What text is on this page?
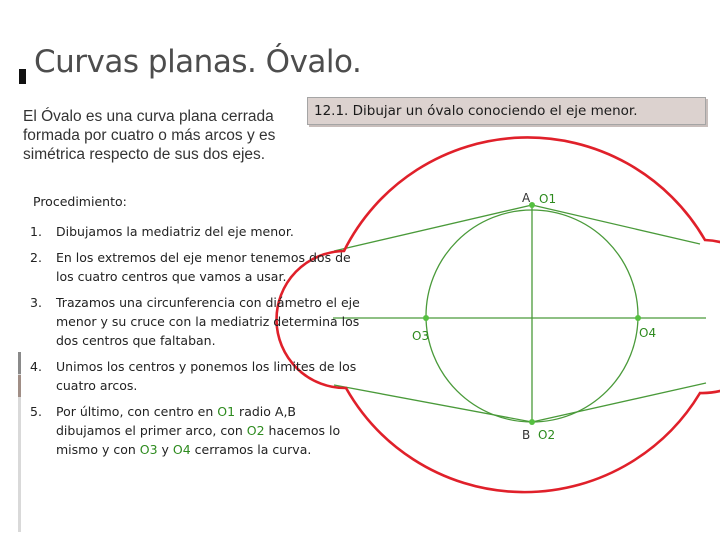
Curvas planas. Óvalo.
El Óvalo es una curva plana cerrada formada por cuatro o más arcos y es simétrica respecto de sus dos ejes.
A O1
B O2
O3	O4
12.1. Dibujar un óvalo conociendo el eje menor.
Procedimiento:
1. Dibujamos la mediatriz del eje menor.
2. En los extremos del eje menor tenemos dos de los cuatro centros que vamos a usar.
3. Trazamos una circunferencia con diámetro el eje menor y su cruce con la mediatriz determina los dos centros que faltaban.
4. Unimos los centros y ponemos los limites de los cuatro arcos.
5. Por último, con centro en O1 radio A,B dibujamos el primer arco, con O2 hacemos lo mismo y con O3 y O4 cerramos la curva.
